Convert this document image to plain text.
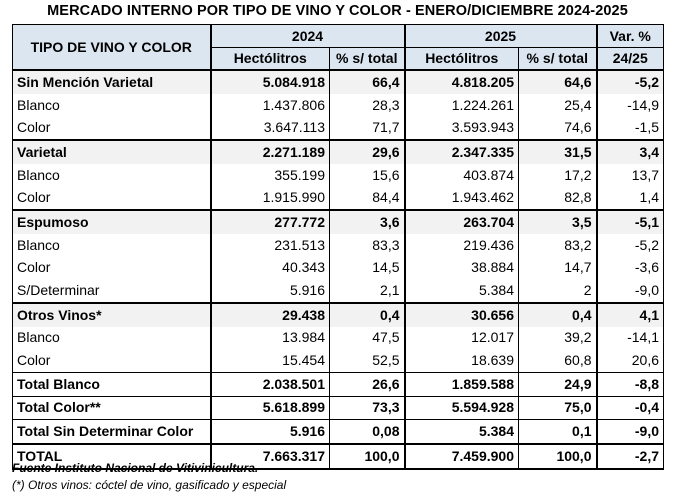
MERCADO INTERNO POR TIPO DE VINO Y COLOR - ENERO/DICIEMBRE 2024-2025
TIPO DE VINO Y COLOR	2024		2025		Var. %
	Hectólitros	% s/ total	Hectólitros	% s/ total	24/25
Sin Mención Varietal	5.084.918	66,4	4.818.205	64,6	-5,2
Blanco	1.437.806	28,3	1.224.261	25,4	-14,9
Color	3.647.113	71,7	3.593.943	74,6	-1,5
Varietal	2.271.189	29,6	2.347.335	31,5	3,4
Blanco	355.199	15,6	403.874	17,2	13,7
Color	1.915.990	84,4	1.943.462	82,8	1,4
Espumoso	277.772	3,6	263.704	3,5	-5,1
Blanco	231.513	83,3	219.436	83,2	-5,2
Color	40.343	14,5	38.884	14,7	-3,6
S/Determinar	5.916	2,1	5.384	2	-9,0
Otros Vinos*	29.438	0,4	30.656	0,4	4,1
Blanco	13.984	47,5	12.017	39,2	-14,1
Color	15.454	52,5	18.639	60,8	20,6
Total Blanco	2.038.501	26,6	1.859.588	24,9	-8,8
Total Color**	5.618.899	73,3	5.594.928	75,0	-0,4
Total Sin Determinar Color	5.916	0,08	5.384	0,1	-9,0
TOTAL	7.663.317	100,0	7.459.900	100,0	-2,7
Fuente Instituto Nacional de Vitivinicultura.
(*) Otros vinos: cóctel de vino, gasificado y especial
